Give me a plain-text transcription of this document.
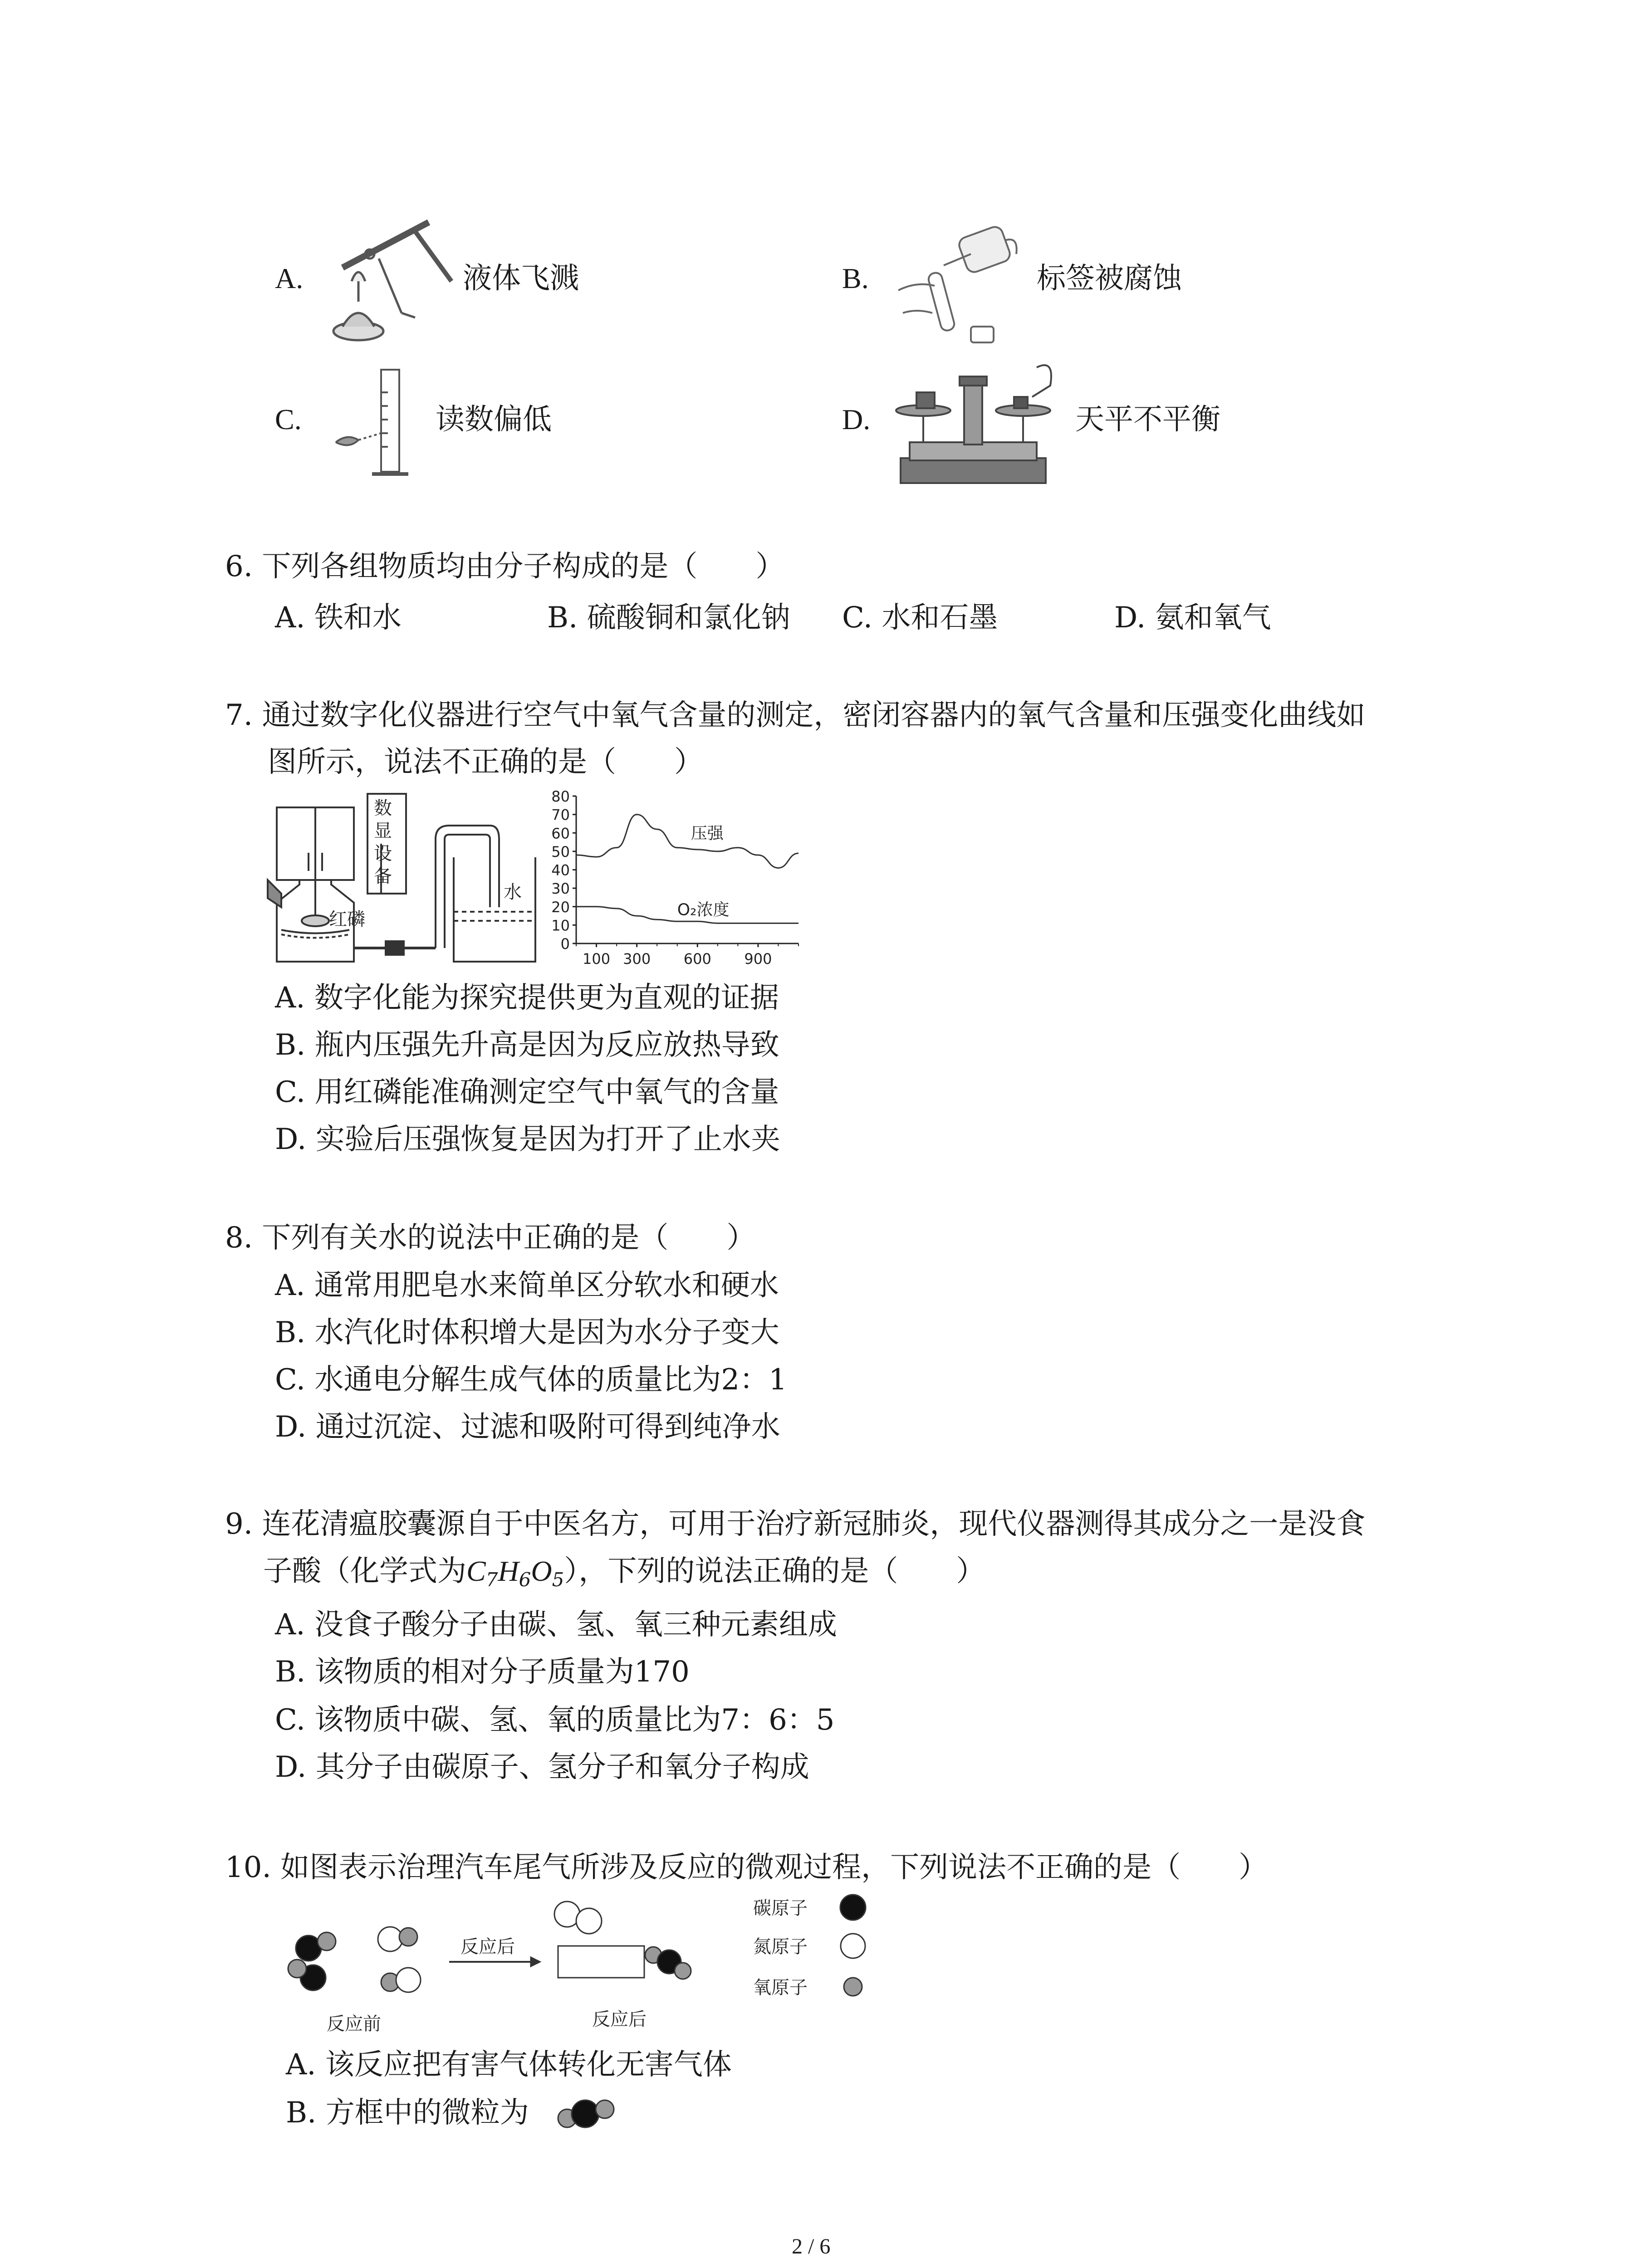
A.	液体飞溅	B.	标签被腐蚀
C.	读数偏低	D.	天平不平衡
6. 下列各组物质均由分子构成的是（　　）
A. 铁和水	B. 硫酸铜和氯化钠 C. 水和石墨	D. 氨和氧气
7. 通过数字化仪器进行空气中氧气含量的测定，密闭容器内的氧气含量和压强变化曲线如
图所示，说法不正确的是（　　）
数
显
设
备
红磷
水
0
10
20
30
40
50
60
70
80
100 300 600 900
压强
O₂浓度
A. 数字化能为探究提供更为直观的证据
B. 瓶内压强先升高是因为反应放热导致
C. 用红磷能准确测定空气中氧气的含量
D. 实验后压强恢复是因为打开了止水夹
8. 下列有关水的说法中正确的是（　　）
A. 通常用肥皂水来简单区分软水和硬水
B. 水汽化时体积增大是因为水分子变大
C. 水通电分解生成气体的质量比为2：1
D. 通过沉淀、过滤和吸附可得到纯净水
9. 连花清瘟胶囊源自于中医名方，可用于治疗新冠肺炎，现代仪器测得其成分之一是没食
子酸（化学式为$C_7H_6O_5$），下列的说法正确的是（　　）
A. 没食子酸分子由碳、氢、氧三种元素组成
B. 该物质的相对分子质量为170
C. 该物质中碳、氢、氧的质量比为7：6：5
D. 其分子由碳原子、氢分子和氧分子构成
10. 如图表示治理汽车尾气所涉及反应的微观过程，下列说法不正确的是（　　）
反应后
反应前	反应后
碳原子
氮原子
氧原子
A. 该反应把有害气体转化无害气体
B. 方框中的微粒为
2 / 6
